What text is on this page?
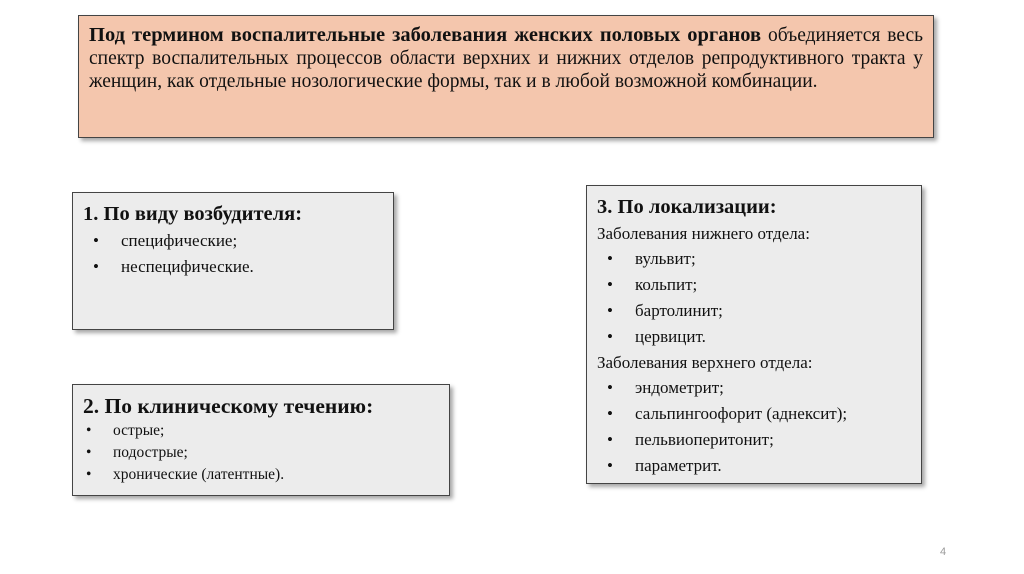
Под термином воспалительные заболевания женских половых органов объединяется весь спектр воспалительных процессов области верхних и нижних отделов репродуктивного тракта у женщин, как отдельные нозологические формы, так и в любой возможной комбинации.
1. По виду возбудителя:
• специфические;
• неспецифические.
2. По клиническому течению:
• острые;
• подострые;
• хронические (латентные).
3. По локализации:
Заболевания нижнего отдела:
• вульвит;
• кольпит;
• бартолинит;
• цервицит.
Заболевания верхнего отдела:
• эндометрит;
• сальпингоофорит (аднексит);
• пельвиоперитонит;
• параметрит.
4
